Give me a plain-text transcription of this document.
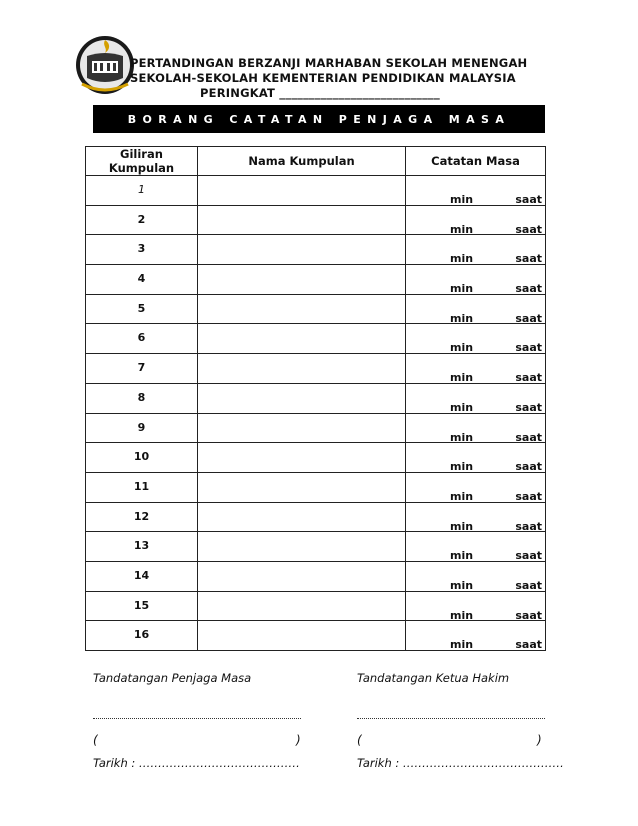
PERTANDINGAN BERZANJI MARHABAN SEKOLAH MENENGAH
SEKOLAH-SEKOLAH KEMENTERIAN PENDIDIKAN MALAYSIA
PERINGKAT ___________________________
BORANG CATATAN PENJAGA MASA
Giliran Kumpulan	Nama Kumpulan	Catatan Masa

1		min saat

2		min saat

3		min saat

4		min saat

5		min saat

6		min saat

7		min saat

8		min saat

9		min saat

10		min saat

11		min saat

12		min saat

13		min saat

14		min saat

15		min saat

16		min saat
Tandatangan Penjaga Masa	Tandatangan Ketua Hakim
(	)	(	)
Tarikh : ……………………………………	Tarikh : ……………………………………
